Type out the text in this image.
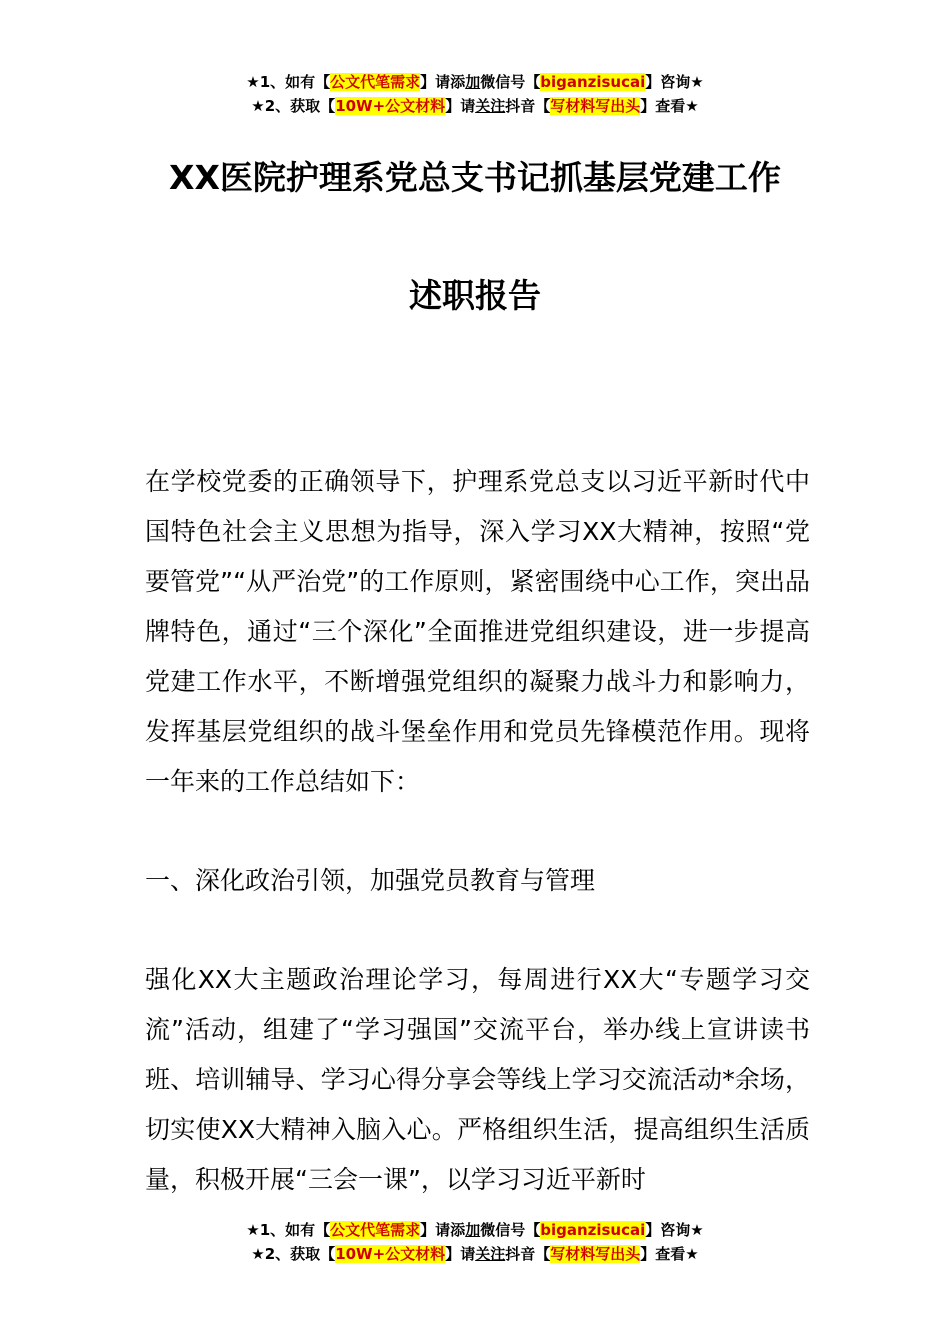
★1、如有【公文代笔需求】请添加微信号【biganzisucai】咨询★
★2、获取【10W+公文材料】请关注抖音【写材料写出头】查看★
XX医院护理系党总支书记抓基层党建工作
述职报告
在学校党委的正确领导下，护理系党总支以习近平新时代中国特色社会主义思想为指导，深入学习XX大精神，按照“党要管党”“从严治党”的工作原则，紧密围绕中心工作，突出品牌特色，通过“三个深化”全面推进党组织建设，进一步提高党建工作水平，不断增强党组织的凝聚力战斗力和影响力，发挥基层党组织的战斗堡垒作用和党员先锋模范作用。现将一年来的工作总结如下：
一、深化政治引领，加强党员教育与管理
强化XX大主题政治理论学习，每周进行XX大“专题学习交流”活动，组建了“学习强国”交流平台，举办线上宣讲读书班、培训辅导、学习心得分享会等线上学习交流活动*余场，切实使XX大精神入脑入心。严格组织生活，提高组织生活质量，积极开展“三会一课”，以学习习近平新时
★1、如有【公文代笔需求】请添加微信号【biganzisucai】咨询★
★2、获取【10W+公文材料】请关注抖音【写材料写出头】查看★
